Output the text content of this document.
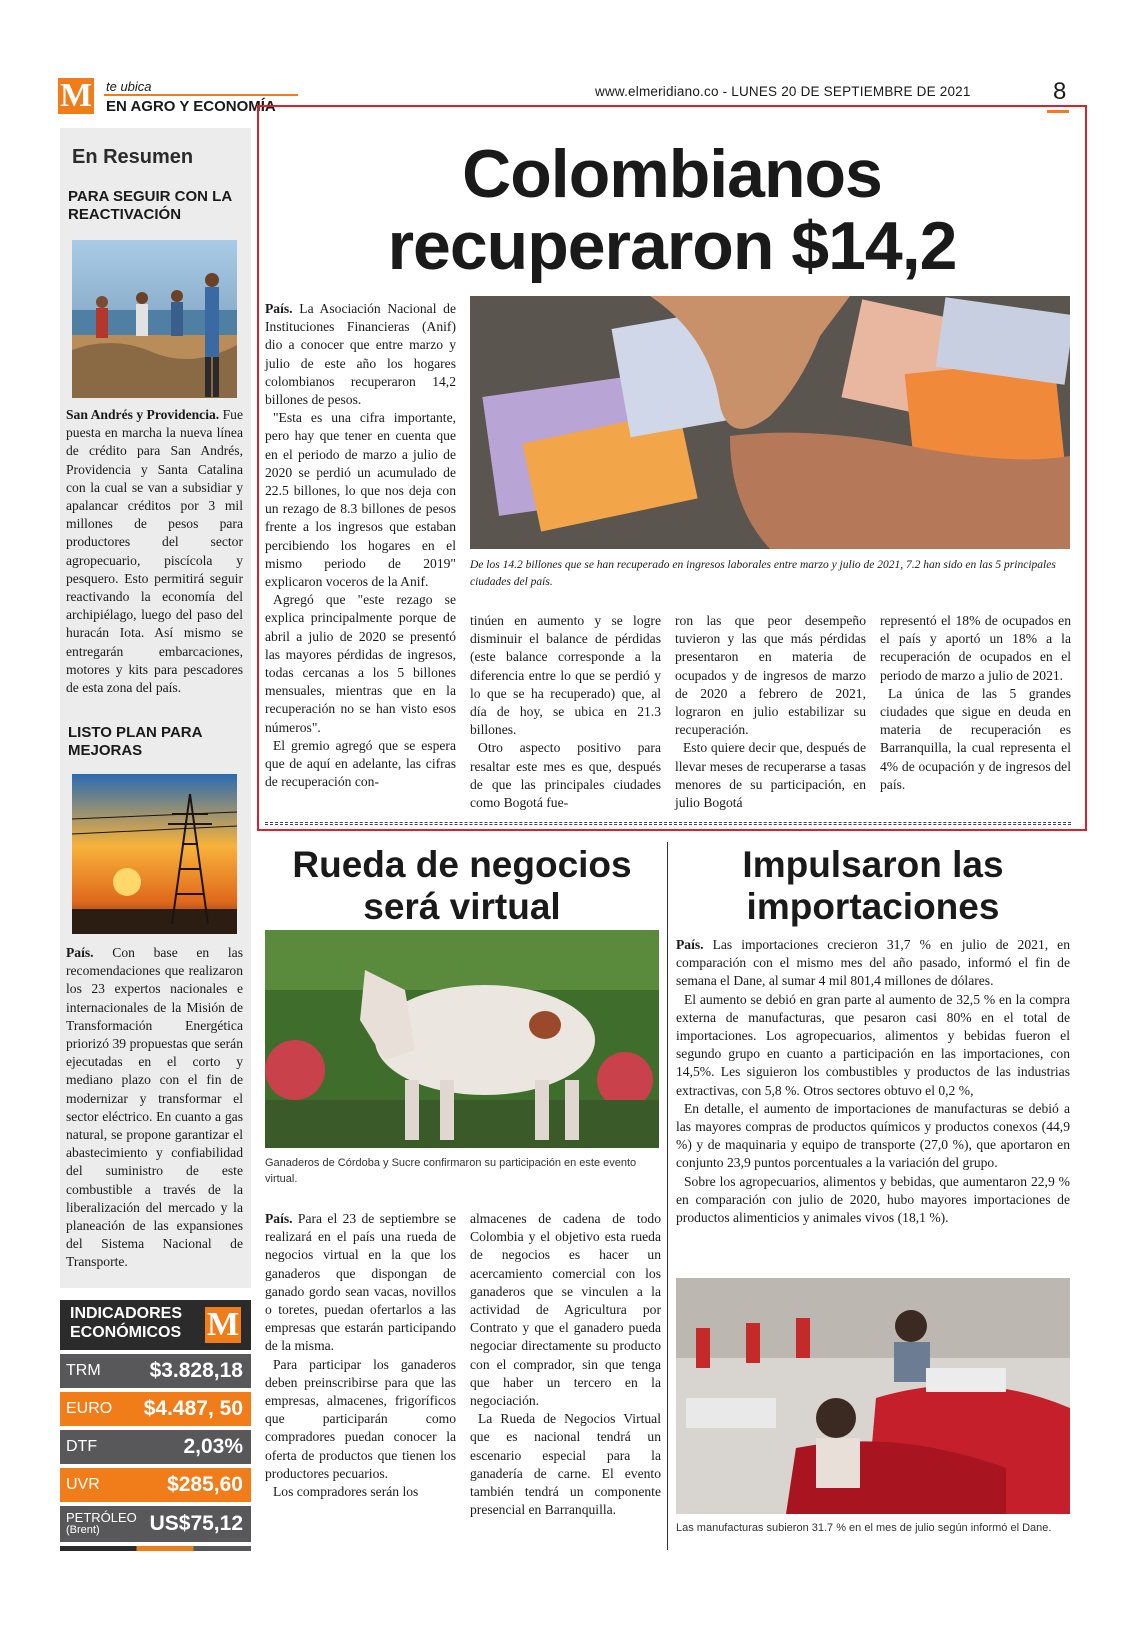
M te ubica
EN AGRO Y ECONOMÍA
www.elmeridiano.co - LUNES 20 DE SEPTIEMBRE DE 2021	8
En Resumen
PARA SEGUIR CON LA REACTIVACIÓN
San Andrés y Providencia. Fue puesta en marcha la nueva línea de crédito para San Andrés, Providencia y Santa Catalina con la cual se van a subsidiar y apalancar créditos por 3 mil millones de pesos para productores del sector agropecuario, piscícola y pesquero. Esto permitirá seguir reactivando la economía del archipiélago, luego del paso del huracán Iota. Así mismo se entregarán embarcaciones, motores y kits para pescadores de esta zona del país.
LISTO PLAN PARA MEJORAS
País. Con base en las recomendaciones que realizaron los 23 expertos nacionales e internacionales de la Misión de Transformación Energética priorizó 39 propuestas que serán ejecutadas en el corto y mediano plazo con el fin de modernizar y transformar el sector eléctrico. En cuanto a gas natural, se propone garantizar el abastecimiento y confiabilidad del suministro de este combustible a través de la liberalización del mercado y la planeación de las expansiones del Sistema Nacional de Transporte.
INDICADORES
ECONÓMICOS M
TRM $3.828,18
EURO $4.487, 50
DTF	2,03%
UVR	$285,60
PETRÓLEO
(Brent)	US$75,12
Colombianos
recuperaron $14,2

País. La Asociación Nacional de Instituciones Financieras (Anif) dio a conocer que entre marzo y julio de este año los hogares colombianos recuperaron 14,2 billones de pesos.

"Esta es una cifra importante, pero hay que tener en cuenta que en el periodo de marzo a julio de 2020 se perdió un acumulado de 22.5 billones, lo que nos deja con un rezago de 8.3 billones de pesos frente a los ingresos que estaban percibiendo los hogares en el mismo periodo de 2019" explicaron voceros de la Anif.

Agregó que "este rezago se explica principalmente porque de abril a julio de 2020 se presentó las mayores pérdidas de ingresos, todas cercanas a los 5 billones mensuales, mientras que en la recuperación no se han visto esos números".

El gremio agregó que se espera que de aquí en adelante, las cifras de recuperación con-

De los 14.2 billones que se han recuperado en ingresos laborales entre marzo y julio de 2021, 7.2 han sido en las 5 principales ciudades del país.

tinúen en aumento y se logre disminuir el balance de pérdidas (este balance corresponde a la diferencia entre lo que se perdió y lo que se ha recuperado) que, al día de hoy, se ubica en 21.3 billones.

Otro aspecto positivo para resaltar este mes es que, después de que las principales ciudades como Bogotá fue-

ron las que peor desempeño tuvieron y las que más pérdidas presentaron en materia de ocupados y de ingresos de marzo de 2020 a febrero de 2021, lograron en julio estabilizar su recuperación.

Esto quiere decir que, después de llevar meses de recuperarse a tasas menores de su participación, en julio Bogotá

representó el 18% de ocupados en el país y aportó un 18% a la recuperación de ocupados en el periodo de marzo a julio de 2021.

La única de las 5 grandes ciudades que sigue en deuda en materia de recuperación es Barranquilla, la cual representa el 4% de ocupación y de ingresos del país.

Rueda de negocios
será virtual
Ganaderos de Córdoba y Sucre confirmaron su participación en este evento virtual.

País. Para el 23 de septiembre se realizará en el país una rueda de negocios virtual en la que los ganaderos que dispongan de ganado gordo sean vacas, novillos o toretes, puedan ofertarlos a las empresas que estarán participando de la misma.

Para participar los ganaderos deben preinscribirse para que las empresas, almacenes, frigoríficos que participarán como compradores puedan conocer la oferta de productos que tienen los productores pecuarios.

Los compradores serán los

almacenes de cadena de todo Colombia y el objetivo esta rueda de negocios es hacer un acercamiento comercial con los ganaderos que se vinculen a la actividad de Agricultura por Contrato y que el ganadero pueda negociar directamente su producto con el comprador, sin que tenga que haber un tercero en la negociación.

La Rueda de Negocios Virtual que es nacional tendrá un escenario especial para la ganadería de carne. El evento también tendrá un componente presencial en Barranquilla.

Impulsaron las
importaciones

País. Las importaciones crecieron 31,7 % en julio de 2021, en comparación con el mismo mes del año pasado, informó el fin de semana el Dane, al sumar 4 mil 801,4 millones de dólares.

El aumento se debió en gran parte al aumento de 32,5 % en la compra externa de manufacturas, que pesaron casi 80% en el total de importaciones. Los agropecuarios, alimentos y bebidas fueron el segundo grupo en cuanto a participación en las importaciones, con 14,5%. Les siguieron los combustibles y productos de las industrias extractivas, con 5,8 %. Otros sectores obtuvo el 0,2 %,

En detalle, el aumento de importaciones de manufacturas se debió a las mayores compras de productos químicos y productos conexos (44,9 %) y de maquinaria y equipo de transporte (27,0 %), que aportaron en conjunto 23,9 puntos porcentuales a la variación del grupo.

Sobre los agropecuarios, alimentos y bebidas, que aumentaron 22,9 % en comparación con julio de 2020, hubo mayores importaciones de productos alimenticios y animales vivos (18,1 %).

Las manufacturas subieron 31.7 % en el mes de julio según informó el Dane.
